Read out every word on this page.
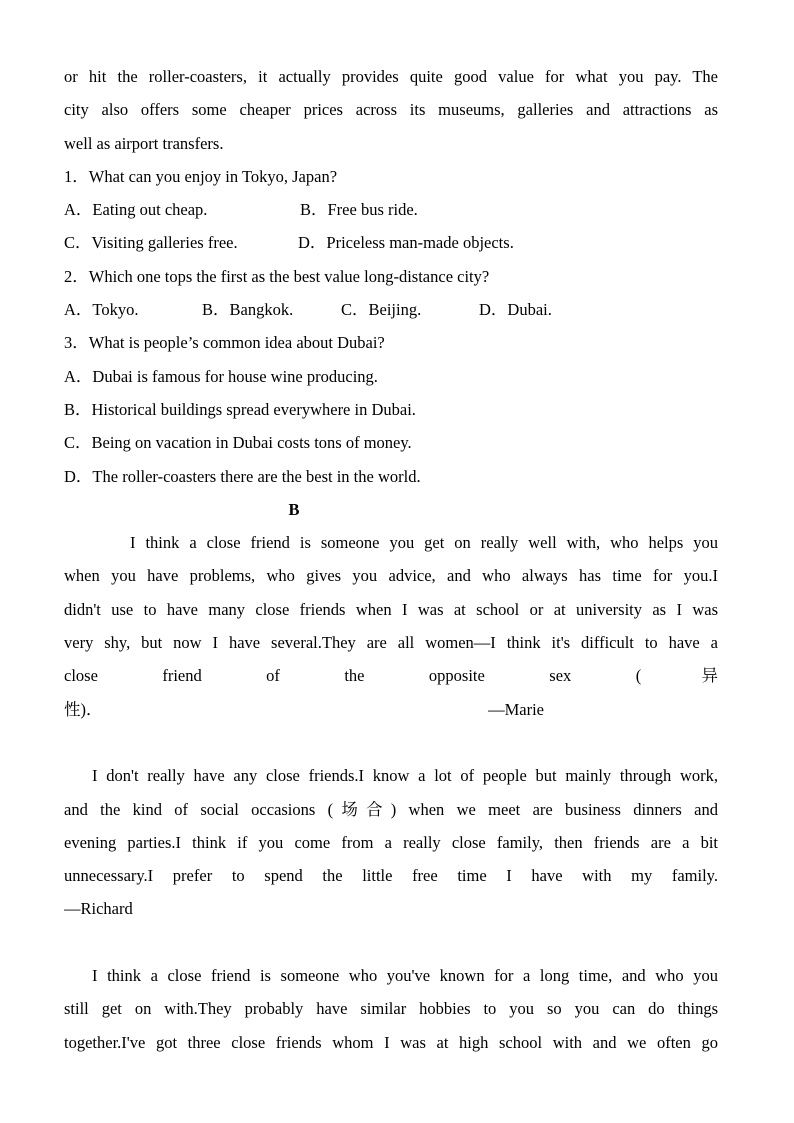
or hit the roller-coasters, it actually provides quite good value for what you pay. The
city also offers some cheaper prices across its museums, galleries and attractions as
well as airport transfers.
1．What can you enjoy in Tokyo, Japan?
A．Eating out cheap.	B．Free bus ride.
C．Visiting galleries free.	D．Priceless man-made objects.
2．Which one tops the first as the best value long-distance city?
A．Tokyo.	B．Bangkok.	C．Beijing.	D．Dubai.
3．What is people’s common idea about Dubai?
A．Dubai is famous for house wine producing.
B．Historical buildings spread everywhere in Dubai.
C．Being on vacation in Dubai costs tons of money.
D．The roller-coasters there are the best in the world.
B
I think a close friend is someone you get on really well with, who helps you
when you have problems, who gives you advice, and who always has time for you.I
didn't use to have many close friends when I was at school or at university as I was
very shy, but now I have several.They are all women—I think it's difficult to have a
close friend of the opposite sex (异
性)．	—Marie
I don't really have any close friends.I know a lot of people but mainly through work,
and the kind of social occasions (场合) when we meet are business dinners and
evening parties.I think if you come from a really close family, then friends are a bit
unnecessary.I prefer to spend the little free time I have with my family.
—Richard
I think a close friend is someone who you've known for a long time, and who you
still get on with.They probably have similar hobbies to you so you can do things
together.I've got three close friends whom I was at high school with and we often go
